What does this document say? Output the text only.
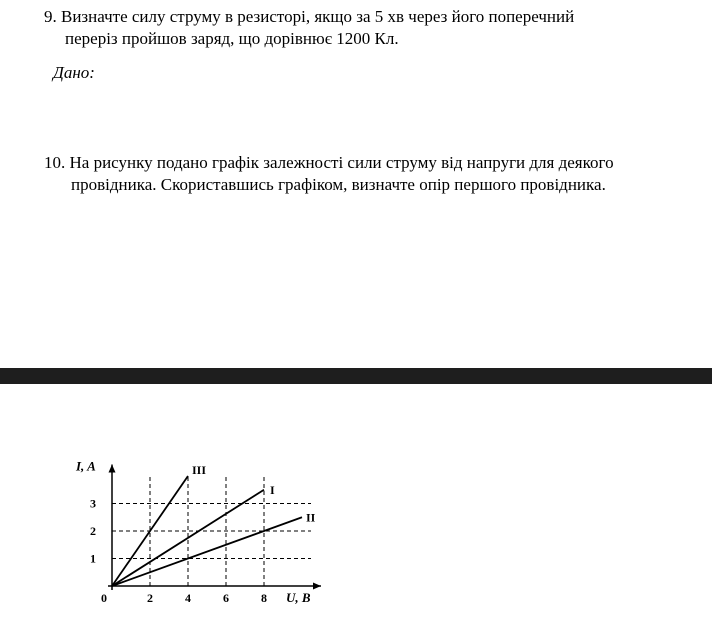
9. Визначте силу струму в резисторі, якщо за 5 хв через його поперечний

переріз пройшов заряд, що дорівнює 1200 Кл.

Дано:

10. На рисунку подано графік залежності сили струму від напруги для деякого

провідника. Скориставшись графіком, визначте опір першого провідника.

I
II
III
0	2	4	6	8
1
2
3
I, A
U, B
